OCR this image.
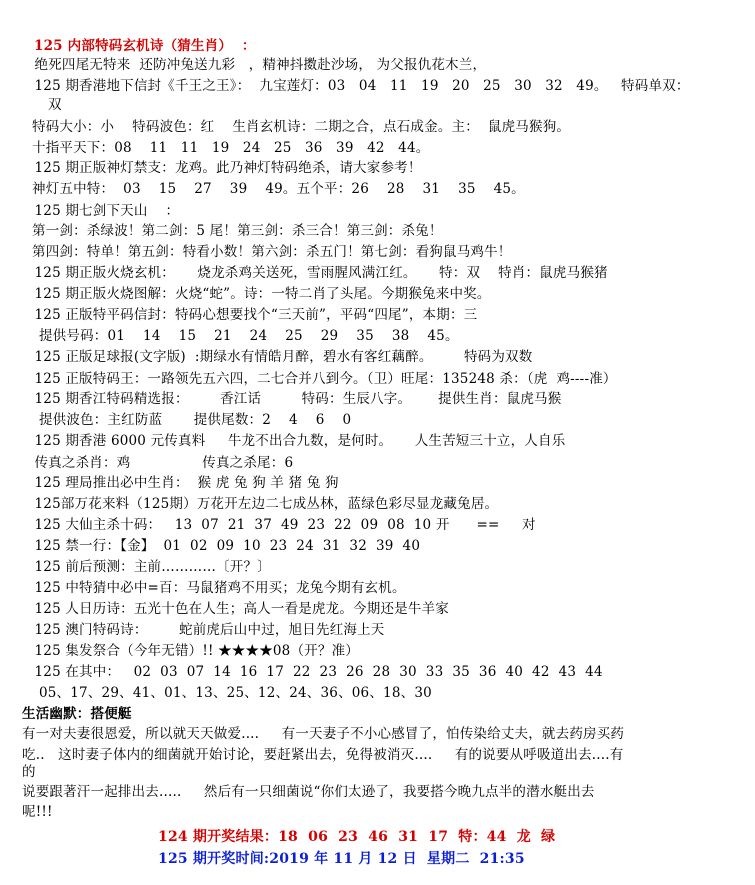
125 内部特码玄机诗（猜生肖）  ：
绝死四尾无特来  还防冲兔送九彩   ，精神抖擞赴沙场， 为父报仇花木兰，
125 期香港地下信封《千王之王》：  九宝莲灯：03   04   11   19   20   25   30   32   49。   特码单双：
双
特码大小：小    特码波色：红    生肖玄机诗：二期之合，点石成金。主：  鼠虎马猴狗。
十指平天下：08    11   11   19   24   25   36   39   42   44。
125 期正版神灯禁支：龙鸡。此乃神灯特码绝杀，请大家参考！
神灯五中特：  03    15    27    39    49。五个平：26    28    31    35    45。
125 期七剑下天山    ：
第一剑：杀绿波！第二剑：5 尾！第三剑：杀三合！第三剑：杀兔！
第四剑：特单！第五剑：特看小数！第六剑：杀五门！第七剑：看狗鼠马鸡牛！
125 期正版火烧玄机：     烧龙杀鸡关送死，雪雨腥风满江红。     特：双    特肖：鼠虎马猴猪
125 期正版火烧图解：火烧“蛇”。诗：一特二肖了头尾。今期猴兔来中奖。
125 正版特平码信封：特码心想要找个“三天前”，平码“四尾”，本期：三
提供号码：01    14    15    21    24    25    29    35    38    45。
125 正版足球报(文字版)  :期绿水有情皓月醉，碧水有客红藕醉。       特码为双数
125 正版特码王：一路领先五六四，二七合并八到今。（卫）旺尾：135248 杀：（虎  鸡----准）
125 期香江特码精选报：       香江话         特码：生辰八字。      提供生肖：鼠虎马猴
提供波色：主红防蓝       提供尾数：2    4    6    0
125 期香港 6000 元传真料     牛龙不出合九数，是何时。     人生苦短三十立，人自乐
传真之杀肖：鸡                传真之杀尾：6
125 理局推出必中生肖：  猴 虎 兔 狗 羊 猪 兔 狗
125部万花来料（125期）万花开左边二七成丛林，蓝绿色彩尽显龙藏兔居。
125 大仙主杀十码：   13  07  21  37  49  23  22  09  08  10 开      ==     对
125 禁一行：【金】  01  02  09  10  23  24  31  32  39  40
125 前后预测：主前…………〔开？〕
125 中特猜中必中=百：马鼠猪鸡不用买；龙兔今期有玄机。
125 人日历诗：五光十色在人生；高人一看是虎龙。今期还是牛羊家
125 澳门特码诗：       蛇前虎后山中过，旭日先红海上天
125 集发祭合（今年无错）!! ★★★★08（开？准）
125 在其中：   02  03  07  14  16  17  22  23  26  28  30  33  35  36  40  42  43  44
05、17、29、41、01、13、25、12、24、36、06、18、30
生活幽默：搭便艇
有一对夫妻很恩爱，所以就天天做爱....     有一天妻子不小心感冒了，怕传染给丈夫，就去药房买药
吃..   这时妻子体内的细菌就开始讨论，要赶紧出去，免得被消灭....     有的说要从呼吸道出去....有
的
说要跟著汗一起排出去.....     然后有一只细菌说“你们太逊了，我要搭今晚九点半的潜水艇出去
呢!!!
124 期开奖结果：18  06  23  46  31  17  特：44  龙  绿
125 期开奖时间:2019 年 11 月 12 日  星期二  21:35
